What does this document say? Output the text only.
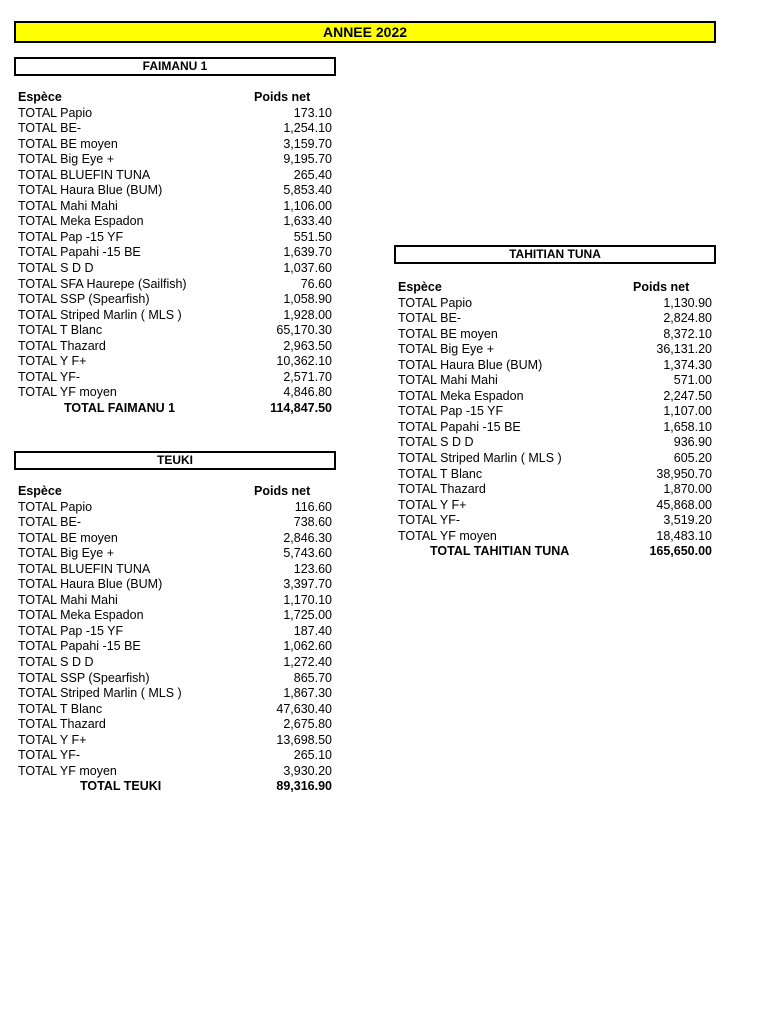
ANNEE 2022
FAIMANU 1
Espèce	Poids net
TOTAL Papio	173.10
TOTAL BE-	1,254.10
TOTAL BE moyen	3,159.70
TOTAL Big Eye +	9,195.70
TOTAL BLUEFIN TUNA	265.40
TOTAL Haura Blue (BUM)	5,853.40
TOTAL Mahi Mahi	1,106.00
TOTAL Meka Espadon	1,633.40
TOTAL Pap -15 YF	551.50
TOTAL Papahi -15 BE	1,639.70
TOTAL S D D	1,037.60
TOTAL SFA Haurepe (Sailfish)	76.60
TOTAL SSP (Spearfish)	1,058.90
TOTAL Striped Marlin ( MLS )	1,928.00
TOTAL T Blanc	65,170.30
TOTAL Thazard	2,963.50
TOTAL Y F+	10,362.10
TOTAL YF-	2,571.70
TOTAL YF moyen	4,846.80
TOTAL FAIMANU 1	114,847.50
TEUKI
Espèce	Poids net
TOTAL Papio	116.60
TOTAL BE-	738.60
TOTAL BE moyen	2,846.30
TOTAL Big Eye +	5,743.60
TOTAL BLUEFIN TUNA	123.60
TOTAL Haura Blue (BUM)	3,397.70
TOTAL Mahi Mahi	1,170.10
TOTAL Meka Espadon	1,725.00
TOTAL Pap -15 YF	187.40
TOTAL Papahi -15 BE	1,062.60
TOTAL S D D	1,272.40
TOTAL SSP (Spearfish)	865.70
TOTAL Striped Marlin ( MLS )	1,867.30
TOTAL T Blanc	47,630.40
TOTAL Thazard	2,675.80
TOTAL Y F+	13,698.50
TOTAL YF-	265.10
TOTAL YF moyen	3,930.20
TOTAL TEUKI	89,316.90
TAHITIAN TUNA
Espèce	Poids net
TOTAL Papio	1,130.90
TOTAL BE-	2,824.80
TOTAL BE moyen	8,372.10
TOTAL Big Eye +	36,131.20
TOTAL Haura Blue (BUM)	1,374.30
TOTAL Mahi Mahi	571.00
TOTAL Meka Espadon	2,247.50
TOTAL Pap -15 YF	1,107.00
TOTAL Papahi -15 BE	1,658.10
TOTAL S D D	936.90
TOTAL Striped Marlin ( MLS )	605.20
TOTAL T Blanc	38,950.70
TOTAL Thazard	1,870.00
TOTAL Y F+	45,868.00
TOTAL YF-	3,519.20
TOTAL YF moyen	18,483.10
TOTAL TAHITIAN TUNA	165,650.00
